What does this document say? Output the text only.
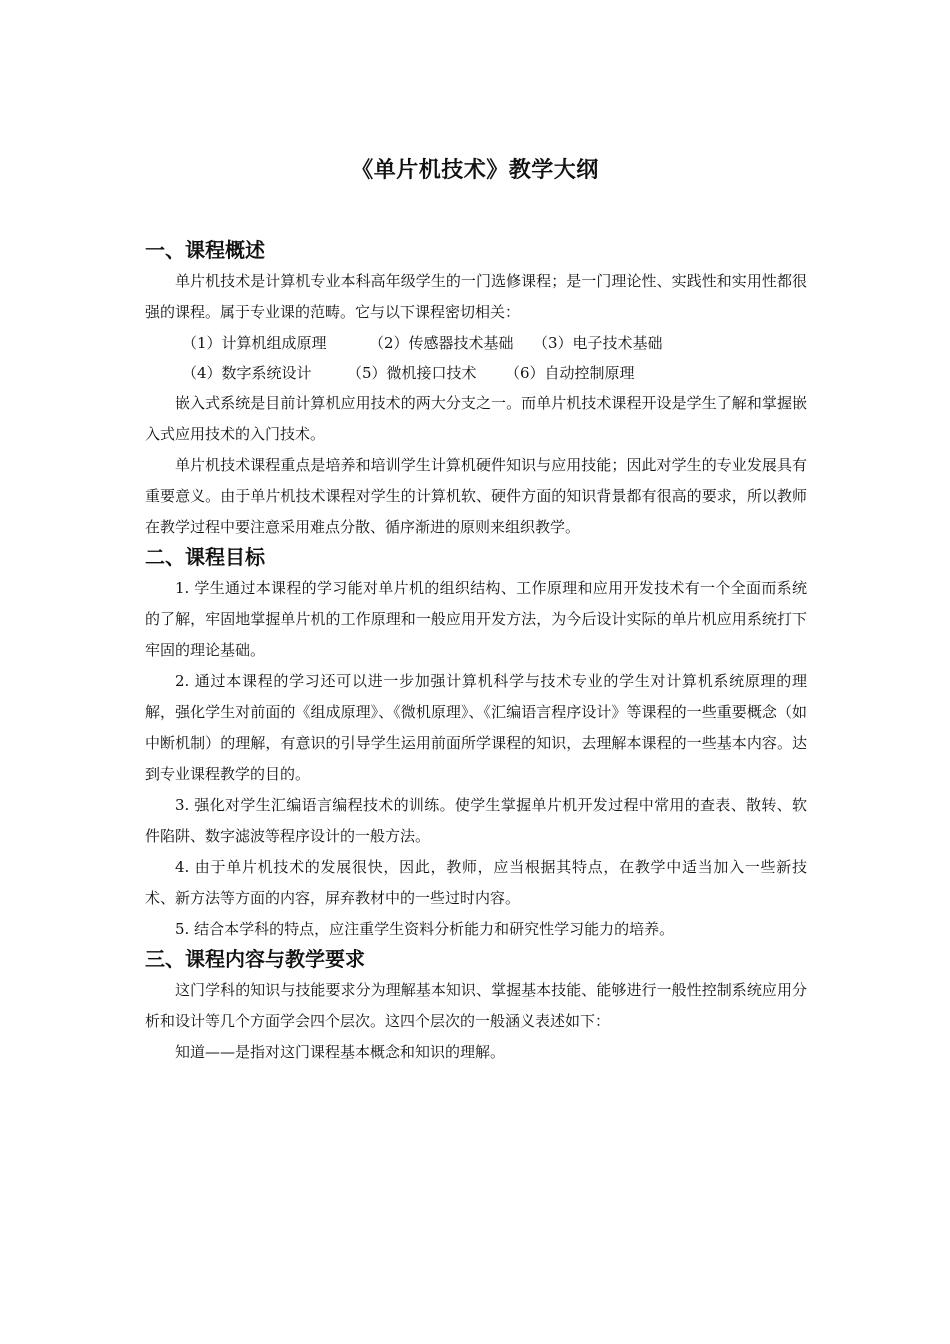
《单片机技术》教学大纲
一、课程概述

单片机技术是计算机专业本科高年级学生的一门选修课程；是一门理论性、实践性和实用性都很强的课程。属于专业课的范畴。它与以下课程密切相关：

（1）计算机组成原理	（2）传感器技术基础 （3）电子技术基础
（4）数字系统设计 （5）微机接口技术 （6）自动控制原理

嵌入式系统是目前计算机应用技术的两大分支之一。而单片机技术课程开设是学生了解和掌握嵌入式应用技术的入门技术。

单片机技术课程重点是培养和培训学生计算机硬件知识与应用技能；因此对学生的专业发展具有重要意义。由于单片机技术课程对学生的计算机软、硬件方面的知识背景都有很高的要求，所以教师在教学过程中要注意采用难点分散、循序渐进的原则来组织教学。

二、课程目标

1. 学生通过本课程的学习能对单片机的组织结构、工作原理和应用开发技术有一个全面而系统的了解，牢固地掌握单片机的工作原理和一般应用开发方法，为今后设计实际的单片机应用系统打下牢固的理论基础。

2. 通过本课程的学习还可以进一步加强计算机科学与技术专业的学生对计算机系统原理的理解，强化学生对前面的《组成原理》、《微机原理》、《汇编语言程序设计》等课程的一些重要概念（如中断机制）的理解，有意识的引导学生运用前面所学课程的知识，去理解本课程的一些基本内容。达到专业课程教学的目的。

3. 强化对学生汇编语言编程技术的训练。使学生掌握单片机开发过程中常用的查表、散转、软件陷阱、数字滤波等程序设计的一般方法。

4. 由于单片机技术的发展很快，因此，教师，应当根据其特点，在教学中适当加入一些新技术、新方法等方面的内容，屏弃教材中的一些过时内容。

5. 结合本学科的特点，应注重学生资料分析能力和研究性学习能力的培养。

三、课程内容与教学要求

这门学科的知识与技能要求分为理解基本知识、掌握基本技能、能够进行一般性控制系统应用分析和设计等几个方面学会四个层次。这四个层次的一般涵义表述如下：

知道——是指对这门课程基本概念和知识的理解。
